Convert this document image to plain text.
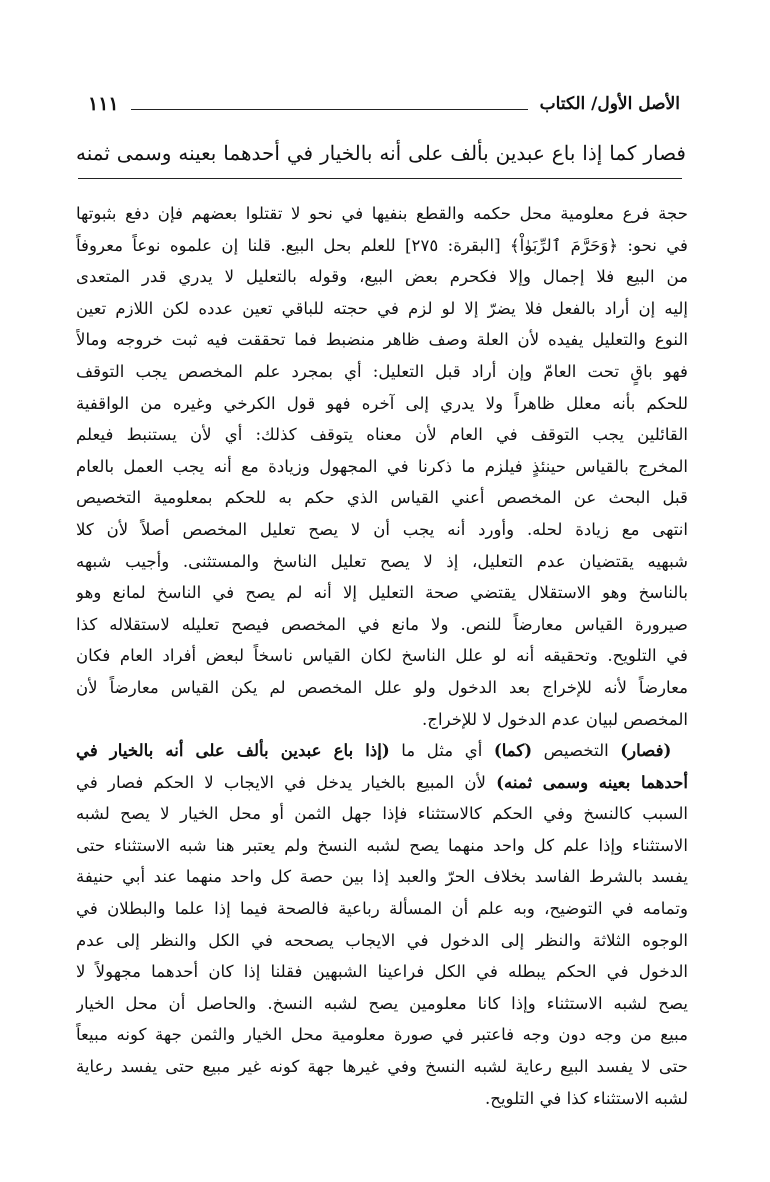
الأصل الأول/ الكتاب
١١١
فصار كما إذا باع عبدين بألف على أنه بالخيار في أحدهما بعينه وسمى ثمنه

حجة فرع معلومية محل حكمه والقطع بنفيها في نحو لا تقتلوا بعضهم فإن دفع بثبوتها
في نحو: ﴿وَحَرَّمَ ٱلرِّبَوٰاْ﴾ [البقرة: ٢٧٥] للعلم بحل البيع. قلنا إن علموه نوعاً معروفاً
من البيع فلا إجمال وإلا فكحرم بعض البيع، وقوله بالتعليل لا يدري قدر المتعدى
إليه إن أراد بالفعل فلا يضرّ إلا لو لزم في حجته للباقي تعين عدده لكن اللازم تعين
النوع والتعليل يفيده لأن العلة وصف ظاهر منضبط فما تحققت فيه ثبت خروجه ومالاً
فهو باقٍ تحت العامّ وإن أراد قبل التعليل: أي بمجرد علم المخصص يجب التوقف
للحكم بأنه معلل ظاهراً ولا يدري إلى آخره فهو قول الكرخي وغيره من الواقفية
القائلين يجب التوقف في العام لأن معناه يتوقف كذلك: أي لأن يستنبط فيعلم
المخرج بالقياس حينئذٍ فيلزم ما ذكرنا في المجهول وزيادة مع أنه يجب العمل بالعام
قبل البحث عن المخصص أعني القياس الذي حكم به للحكم بمعلومية التخصيص
انتهى مع زيادة لحله. وأورد أنه يجب أن لا يصح تعليل المخصص أصلاً لأن كلا
شبهيه يقتضيان عدم التعليل، إذ لا يصح تعليل الناسخ والمستثنى. وأجيب شبهه
بالناسخ وهو الاستقلال يقتضي صحة التعليل إلا أنه لم يصح في الناسخ لمانع وهو
صيرورة القياس معارضاً للنص. ولا مانع في المخصص فيصح تعليله لاستقلاله كذا
في التلويح. وتحقيقه أنه لو علل الناسخ لكان القياس ناسخاً لبعض أفراد العام فكان
معارضاً لأنه للإخراج بعد الدخول ولو علل المخصص لم يكن القياس معارضاً لأن
المخصص لبيان عدم الدخول لا للإخراج.

 (فصار) التخصيص (كما) أي مثل ما (إذا باع عبدين بألف على أنه بالخيار في
أحدهما بعينه وسمى ثمنه) لأن المبيع بالخيار يدخل في الايجاب لا الحكم فصار في
السبب كالنسخ وفي الحكم كالاستثناء فإذا جهل الثمن أو محل الخيار لا يصح لشبه
الاستثناء وإذا علم كل واحد منهما يصح لشبه النسخ ولم يعتبر هنا شبه الاستثناء حتى
يفسد بالشرط الفاسد بخلاف الحرّ والعبد إذا بين حصة كل واحد منهما عند أبي حنيفة
وتمامه في التوضيح، وبه علم أن المسألة رباعية فالصحة فيما إذا علما والبطلان في
الوجوه الثلاثة والنظر إلى الدخول في الايجاب يصححه في الكل والنظر إلى عدم
الدخول في الحكم يبطله في الكل فراعينا الشبهين فقلنا إذا كان أحدهما مجهولاً لا
يصح لشبه الاستثناء وإذا كانا معلومين يصح لشبه النسخ. والحاصل أن محل الخيار
مبيع من وجه دون وجه فاعتبر في صورة معلومية محل الخيار والثمن جهة كونه مبيعاً
حتى لا يفسد البيع رعاية لشبه النسخ وفي غيرها جهة كونه غير مبيع حتى يفسد رعاية
لشبه الاستثناء كذا في التلويح.
